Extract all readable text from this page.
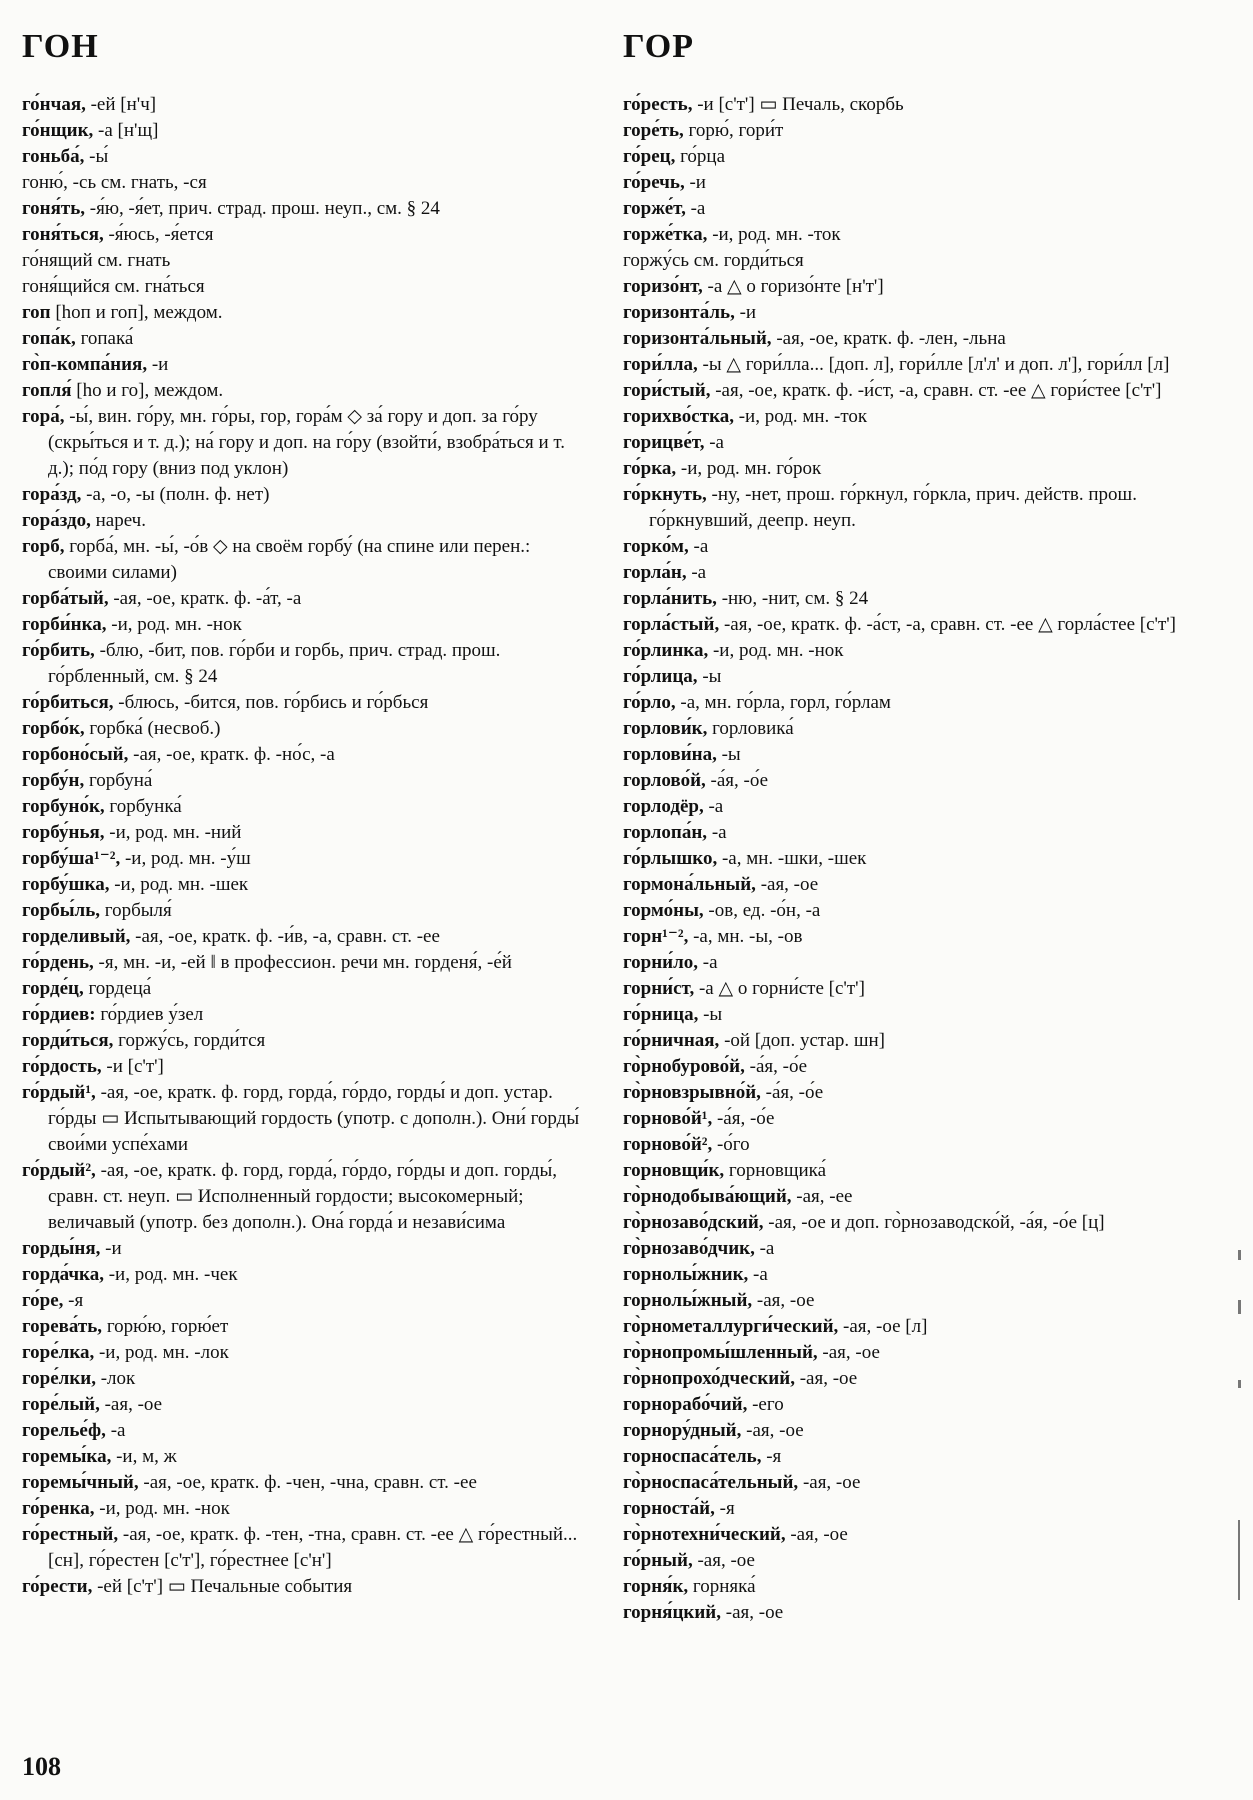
ГОН	ГОР
го́нчая, -ей [н'ч]
го́нщик, -а [н'щ]
гоньба́, -ы́
гоню́, -сь см. гнать, -ся
гоня́ть, -я́ю, -я́ет, прич. страд. прош. неуп., см. § 24
гоня́ться, -я́юсь, -я́ется
го́нящий см. гнать
гоня́щийся см. гна́ться
гоп [hоп и гоп], междом.
гопа́к, гопака́
го̀п-компа́ния, -и
гопля́ [hо и го], междом.
гора́, -ы́, вин. го́ру, мн. го́ры, гор, гора́м ◇ за́ гору и доп. за го́ру (скры́ться и т. д.); на́ гору и доп. на го́ру (взойти́, взобра́ться и т. д.); по́д гору (вниз под уклон)
гора́зд, -а, -о, -ы (полн. ф. нет)
гора́здо, нареч.
горб, горба́, мн. -ы́, -о́в ◇ на своём горбу́ (на спине или перен.: своими силами)
горба́тый, -ая, -ое, кратк. ф. -а́т, -а
горби́нка, -и, род. мн. -нок
го́рбить, -блю, -бит, пов. го́рби и горбь, прич. страд. прош. го́рбленный, см. § 24
го́рбиться, -блюсь, -бится, пов. го́рбись и го́рбься
горбо́к, горбка́ (несвоб.)
горбоно́сый, -ая, -ое, кратк. ф. -но́с, -а
горбу́н, горбуна́
горбуно́к, горбунка́
горбу́нья, -и, род. мн. -ний
горбу́ша¹⁻², -и, род. мн. -у́ш
горбу́шка, -и, род. мн. -шек
горбы́ль, горбыля́
горделивый, -ая, -ое, кратк. ф. -и́в, -а, сравн. ст. -ее
го́рдень, -я, мн. -и, -ей ‖ в профессион. речи мн. горденя́, -е́й
горде́ц, гордеца́
го́рдиев: го́рдиев у́зел
горди́ться, горжу́сь, горди́тся
го́рдость, -и [с'т']
го́рдый¹, -ая, -ое, кратк. ф. горд, горда́, го́рдо, горды́ и доп. устар. го́рды ▭ Испытывающий гордость (употр. с дополн.). Они́ горды́ свои́ми успе́хами
го́рдый², -ая, -ое, кратк. ф. горд, горда́, го́рдо, го́рды и доп. горды́, сравн. ст. неуп. ▭ Исполненный гордости; высокомерный; величавый (употр. без дополн.). Она́ горда́ и незави́сима
горды́ня, -и
горда́чка, -и, род. мн. -чек
го́ре, -я
горева́ть, горю́ю, горю́ет
горе́лка, -и, род. мн. -лок
горе́лки, -лок
горе́лый, -ая, -ое
горелье́ф, -а
горемы́ка, -и, м, ж
горемы́чный, -ая, -ое, кратк. ф. -чен, -чна, сравн. ст. -ее
го́ренка, -и, род. мн. -нок
го́рестный, -ая, -ое, кратк. ф. -тен, -тна, сравн. ст. -ее △ го́рестный... [сн], го́рестен [с'т'], го́рестнее [с'н']
го́рести, -ей [с'т'] ▭ Печальные события
го́ресть, -и [с'т'] ▭ Печаль, скорбь
горе́ть, горю́, гори́т
го́рец, го́рца
го́речь, -и
горже́т, -а
горже́тка, -и, род. мн. -ток
горжу́сь см. горди́ться
горизо́нт, -а △ о горизо́нте [н'т']
горизонта́ль, -и
горизонта́льный, -ая, -ое, кратк. ф. -лен, -льна
гори́лла, -ы △ гори́лла... [доп. л], гори́лле [л'л' и доп. л'], гори́лл [л]
гори́стый, -ая, -ое, кратк. ф. -и́ст, -а, сравн. ст. -ее △ гори́стее [с'т']
горихво́стка, -и, род. мн. -ток
горицве́т, -а
го́рка, -и, род. мн. го́рок
го́ркнуть, -ну, -нет, прош. го́ркнул, го́ркла, прич. действ. прош. го́ркнувший, деепр. неуп.
горко́м, -а
горла́н, -а
горла́нить, -ню, -нит, см. § 24
горла́стый, -ая, -ое, кратк. ф. -а́ст, -а, сравн. ст. -ее △ горла́стее [с'т']
го́рлинка, -и, род. мн. -нок
го́рлица, -ы
го́рло, -а, мн. го́рла, горл, го́рлам
горлови́к, горловика́
горлови́на, -ы
горлово́й, -а́я, -о́е
горлодёр, -а
горлопа́н, -а
го́рлышко, -а, мн. -шки, -шек
гормона́льный, -ая, -ое
гормо́ны, -ов, ед. -о́н, -а
горн¹⁻², -а, мн. -ы, -ов
горни́ло, -а
горни́ст, -а △ о горни́сте [с'т']
го́рница, -ы
го́рничная, -ой [доп. устар. шн]
го̀рнобурово́й, -а́я, -о́е
го̀рновзрывно́й, -а́я, -о́е
горново́й¹, -а́я, -о́е
горново́й², -о́го
горновщи́к, горновщика́
го̀рнодобыва́ющий, -ая, -ее
го̀рнозаво́дский, -ая, -ое и доп. го̀рнозаводско́й, -а́я, -о́е [ц]
го̀рнозаво́дчик, -а
горнолы́жник, -а
горнолы́жный, -ая, -ое
го̀рнометаллурги́ческий, -ая, -ое [л]
го̀рнопромы́шленный, -ая, -ое
го̀рнопрохо́дческий, -ая, -ое
горнорабо́чий, -его
горнору́дный, -ая, -ое
горноспаса́тель, -я
го̀рноспаса́тельный, -ая, -ое
горноста́й, -я
го̀рнотехни́ческий, -ая, -ое
го́рный, -ая, -ое
горня́к, горняка́
горня́цкий, -ая, -ое
108
